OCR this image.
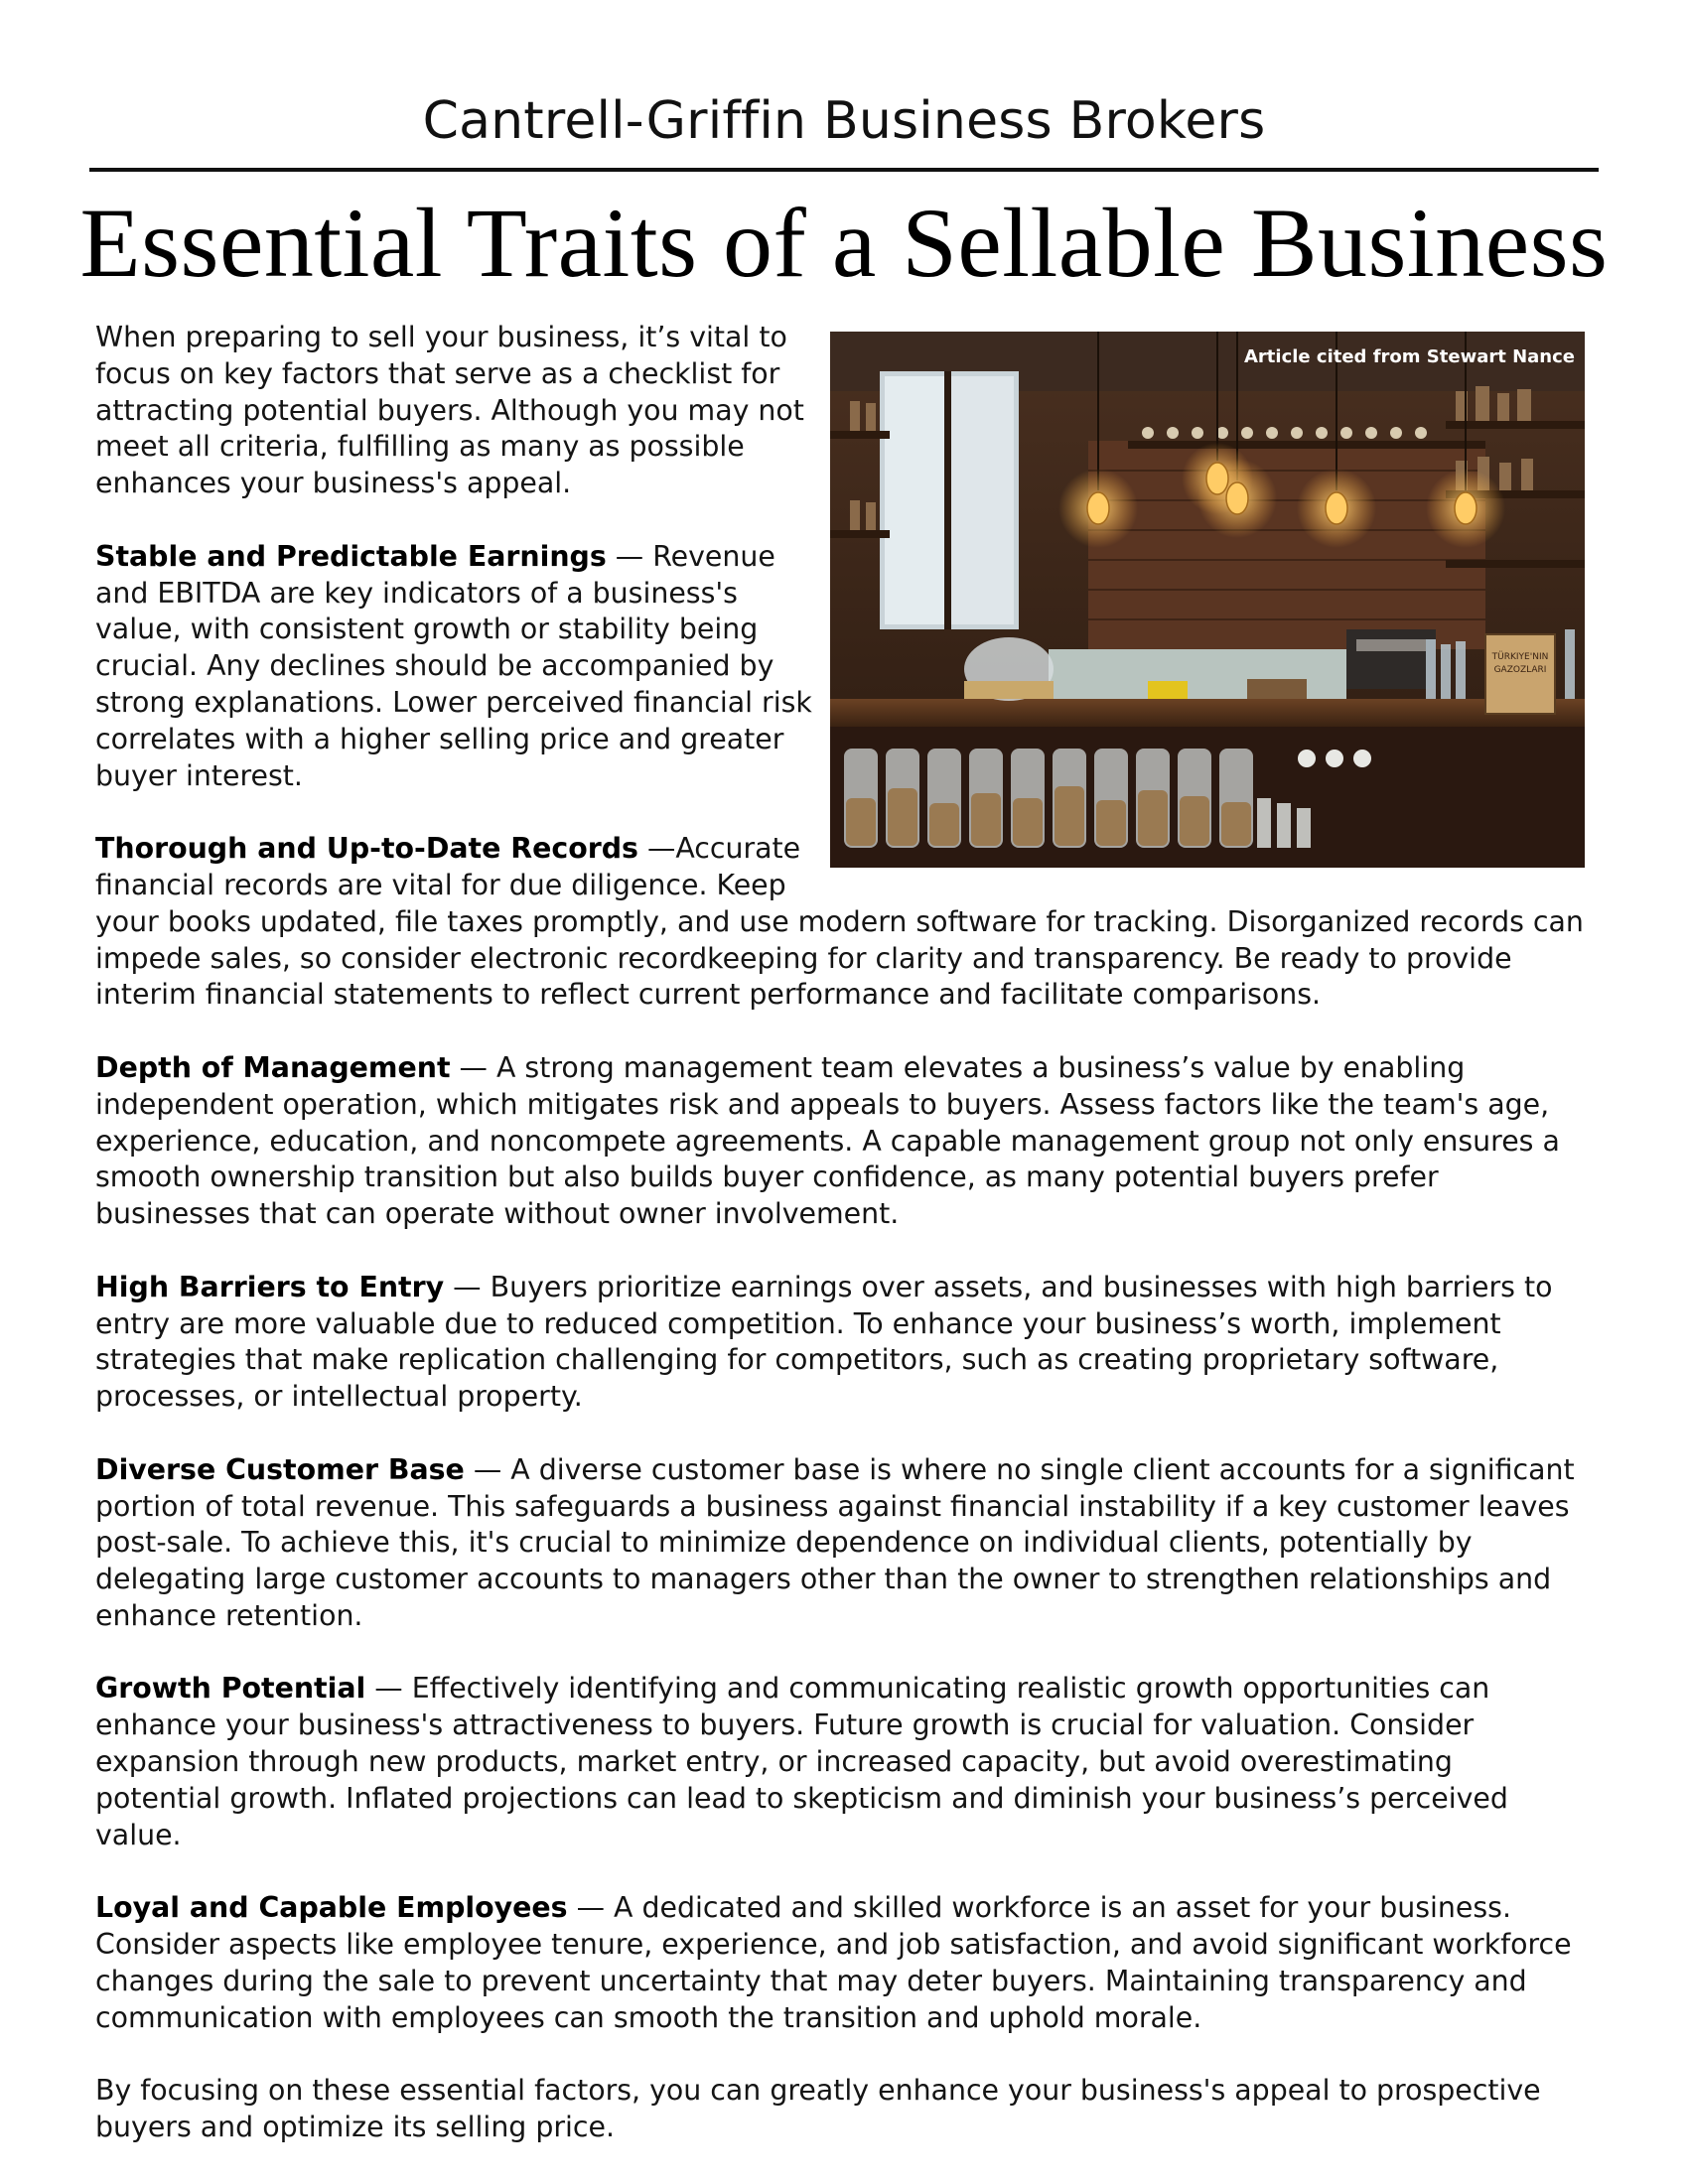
Cantrell-Griffin Business Brokers
Essential Traits of a Sellable Business
TÜRKIYE'NIN
GAZOZLARI
Article cited from Stewart Nance

When preparing to sell your business, it’s vital to focus on key factors that serve as a checklist for attracting potential buyers. Although you may not meet all criteria, fulfilling as many as possible enhances your business's appeal.

Stable and Predictable Earnings — Revenue and EBITDA are key indicators of a business's value, with consistent growth or stability being crucial. Any declines should be accompanied by strong explanations. Lower perceived financial risk correlates with a higher selling price and greater buyer interest.

Thorough and Up-to-Date Records —Accurate financial records are vital for due diligence. Keep your books updated, file taxes promptly, and use modern software for tracking. Disorganized records can impede sales, so consider electronic recordkeeping for clarity and transparency. Be ready to provide interim financial statements to reflect current performance and facilitate comparisons.

Depth of Management — A strong management team elevates a business’s value by enabling independent operation, which mitigates risk and appeals to buyers. Assess factors like the team's age, experience, education, and noncompete agreements. A capable management group not only ensures a smooth ownership transition but also builds buyer confidence, as many potential buyers prefer businesses that can operate without owner involvement.

High Barriers to Entry — Buyers prioritize earnings over assets, and businesses with high barriers to entry are more valuable due to reduced competition. To enhance your business’s worth, implement strategies that make replication challenging for competitors, such as creating proprietary software, processes, or intellectual property.

Diverse Customer Base — A diverse customer base is where no single client accounts for a significant portion of total revenue. This safeguards a business against financial instability if a key customer leaves post-sale. To achieve this, it's crucial to minimize dependence on individual clients, potentially by delegating large customer accounts to managers other than the owner to strengthen relationships and enhance retention.

Growth Potential — Effectively identifying and communicating realistic growth opportunities can enhance your business's attractiveness to buyers. Future growth is crucial for valuation. Consider expansion through new products, market entry, or increased capacity, but avoid overestimating potential growth. Inflated projections can lead to skepticism and diminish your business’s perceived value.

Loyal and Capable Employees — A dedicated and skilled workforce is an asset for your business. Consider aspects like employee tenure, experience, and job satisfaction, and avoid significant workforce changes during the sale to prevent uncertainty that may deter buyers. Maintaining transparency and communication with employees can smooth the transition and uphold morale.

By focusing on these essential factors, you can greatly enhance your business's appeal to prospective buyers and optimize its selling price.
